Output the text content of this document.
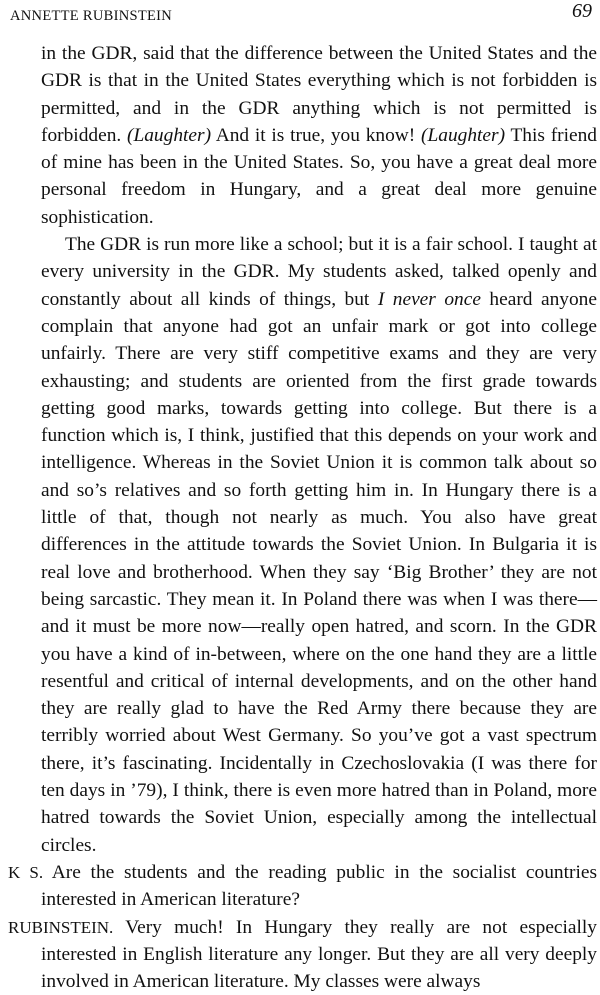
ANNETTE RUBINSTEIN	69

in the GDR, said that the difference between the United States and the GDR is that in the United States everything which is not forbidden is permitted, and in the GDR anything which is not permitted is forbidden. (Laughter) And it is true, you know! (Laughter) This friend of mine has been in the United States. So, you have a great deal more personal freedom in Hungary, and a great deal more genuine sophistication.

The GDR is run more like a school; but it is a fair school. I taught at every university in the GDR. My students asked, talked openly and constantly about all kinds of things, but I never once heard anyone complain that anyone had got an unfair mark or got into college unfairly. There are very stiff competitive exams and they are very exhausting; and students are oriented from the first grade towards getting good marks, towards getting into college. But there is a function which is, I think, justified that this depends on your work and intelligence. Whereas in the Soviet Union it is common talk about so and so’s relatives and so forth getting him in. In Hungary there is a little of that, though not nearly as much. You also have great differences in the attitude towards the Soviet Union. In Bulgaria it is real love and brotherhood. When they say ‘Big Brother’ they are not being sarcastic. They mean it. In Poland there was when I was there—and it must be more now—really open hatred, and scorn. In the GDR you have a kind of in-between, where on the one hand they are a little resentful and critical of internal developments, and on the other hand they are really glad to have the Red Army there because they are terribly worried about West Germany. So you’ve got a vast spectrum there, it’s fascinating. Incidentally in Czechoslovakia (I was there for ten days in ’79), I think, there is even more hatred than in Poland, more hatred towards the Soviet Union, especially among the intellectual circles.

K S. Are the students and the reading public in the socialist countries interested in American literature?

RUBINSTEIN. Very much! In Hungary they really are not especially interested in English literature any longer. But they are all very deeply involved in American literature. My classes were always
